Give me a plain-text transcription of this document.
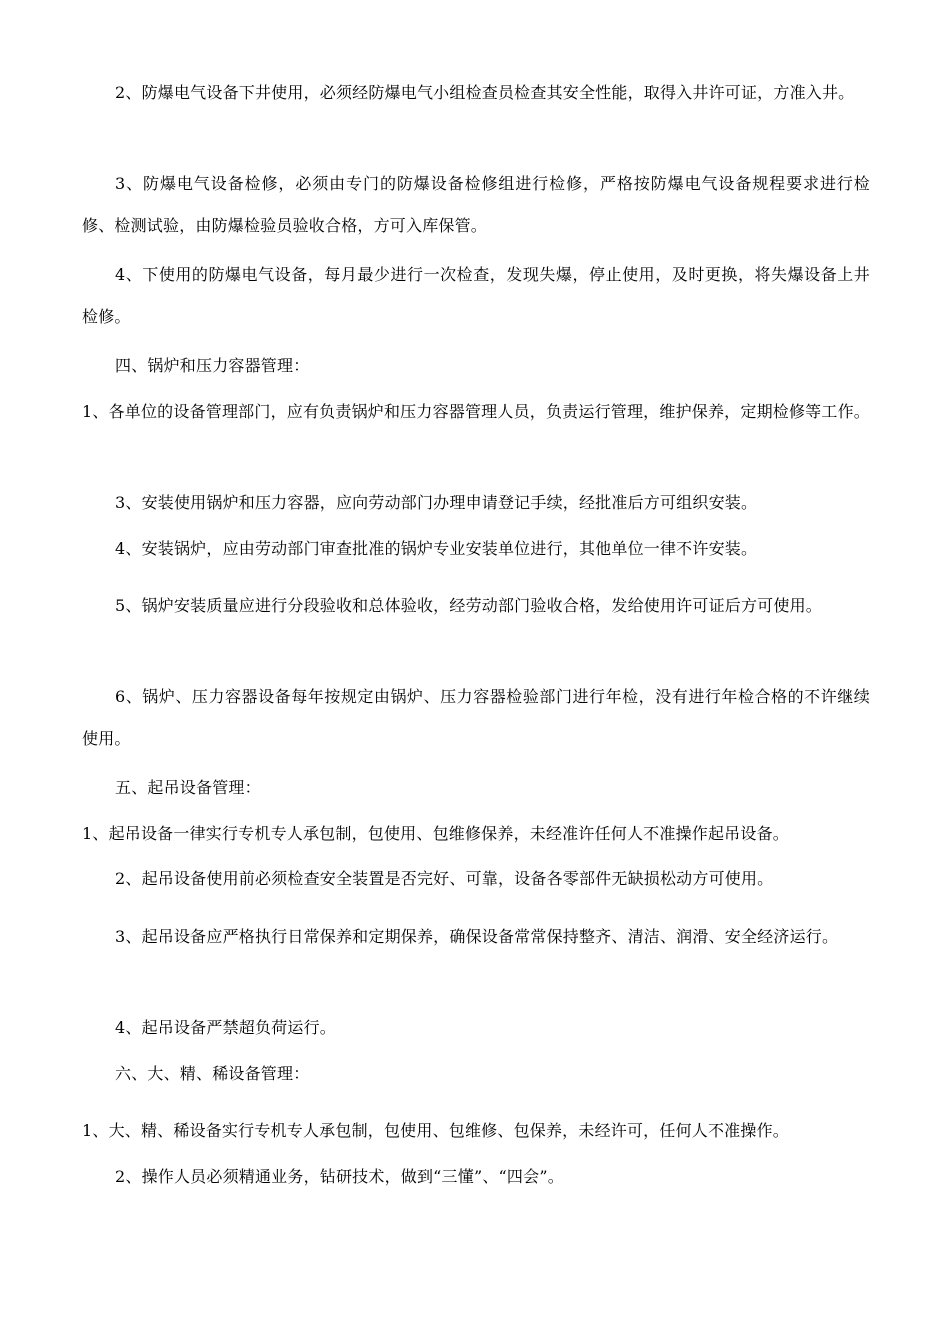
2、防爆电气设备下井使用，必须经防爆电气小组检查员检查其安全性能，取得入井许可证，方准入井。

3、防爆电气设备检修，必须由专门的防爆设备检修组进行检修，严格按防爆电气设备规程要求进行检修、检测试验，由防爆检验员验收合格，方可入库保管。

4、下使用的防爆电气设备，每月最少进行一次检查，发现失爆，停止使用，及时更换，将失爆设备上井检修。

四、锅炉和压力容器管理：

1、各单位的设备管理部门，应有负责锅炉和压力容器管理人员，负责运行管理，维护保养，定期检修等工作。

3、安装使用锅炉和压力容器，应向劳动部门办理申请登记手续，经批准后方可组织安装。

4、安装锅炉，应由劳动部门审查批准的锅炉专业安装单位进行，其他单位一律不许安装。

5、锅炉安装质量应进行分段验收和总体验收，经劳动部门验收合格，发给使用许可证后方可使用。

6、锅炉、压力容器设备每年按规定由锅炉、压力容器检验部门进行年检，没有进行年检合格的不许继续使用。

五、起吊设备管理：

1、起吊设备一律实行专机专人承包制，包使用、包维修保养，未经准许任何人不准操作起吊设备。

2、起吊设备使用前必须检查安全装置是否完好、可靠，设备各零部件无缺损松动方可使用。

3、起吊设备应严格执行日常保养和定期保养，确保设备常常保持整齐、清洁、润滑、安全经济运行。

4、起吊设备严禁超负荷运行。

六、大、精、稀设备管理：

1、大、精、稀设备实行专机专人承包制，包使用、包维修、包保养，未经许可，任何人不准操作。

2、操作人员必须精通业务，钻研技术，做到“三懂”、“四会”。
